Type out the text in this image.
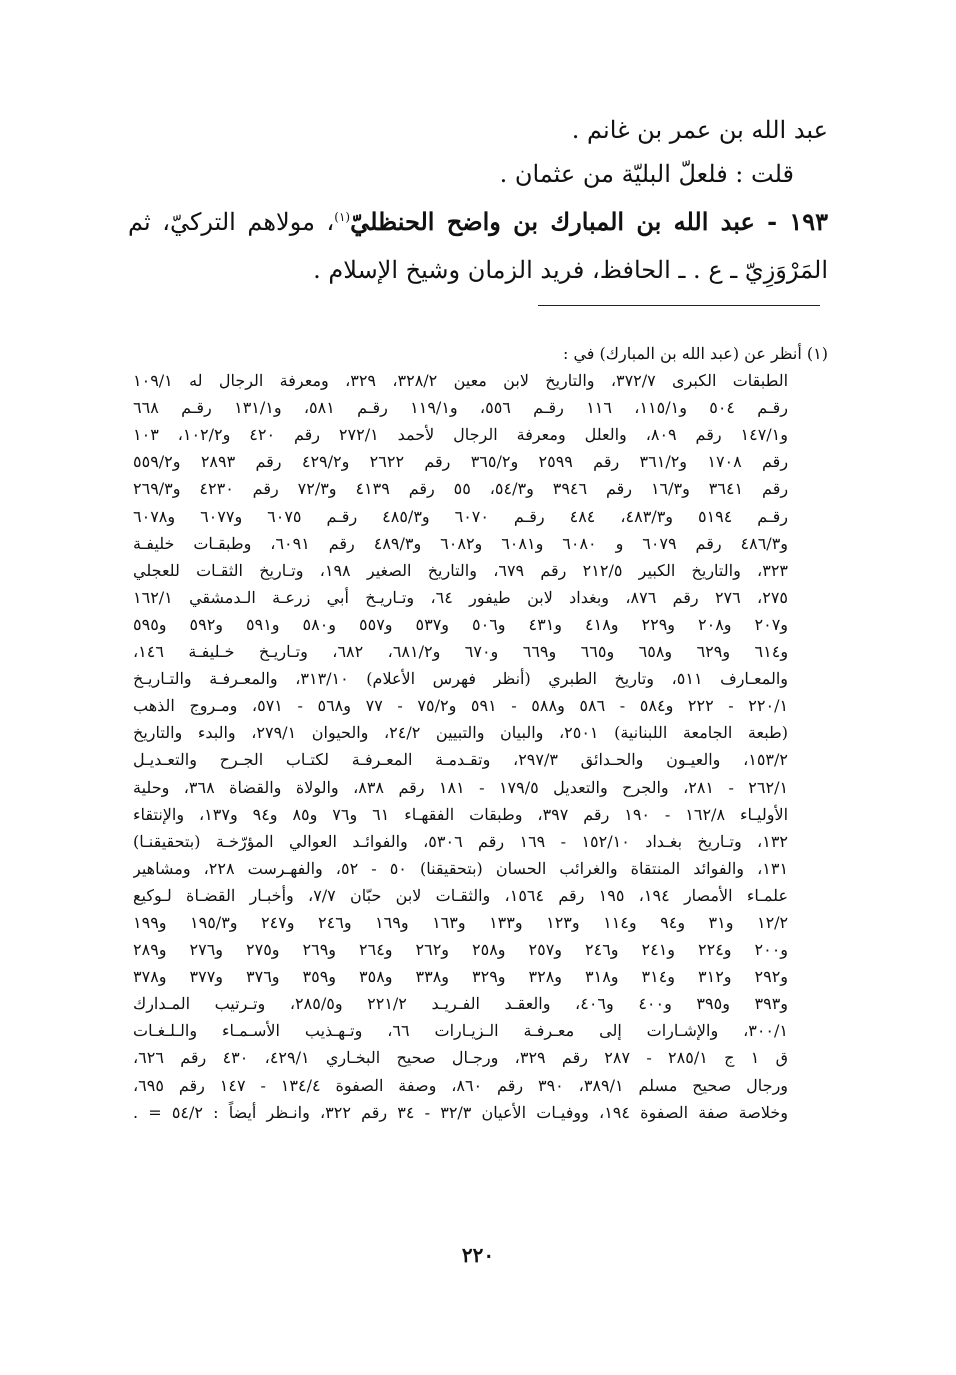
عبد الله بن عمر بن غانم .

قلت : فلعلّ البليّة من عثمان .

١٩٣ - عبد الله بن المبارك بن واضح الحنظليّ$^{(١)}$، مولاهم التركيّ، ثم
المَرْوَزِيّ ـ ع . ـ الحافظ، فريد الزمان وشيخ الإسلام .
(١) أنظر عن (عبد الله بن المبارك) في :
الطبقات الكبرى ٣٧٢/٧، والتاريخ لابن معين ٣٢٨/٢، ٣٢٩، ومعرفة الرجال له ١٠٩/١
رقـم ٥٠٤ و١١٥/١، ١١٦ رقـم ٥٥٦، و١١٩/١ رقـم ٥٨١، و١٣١/١ رقـم ٦٦٨
و١٤٧/١ رقم ٨٠٩، والعلل ومعرفة الرجال لأحمد ٢٧٢/١ رقم ٤٢٠ و١٠٢/٢، ١٠٣
رقم ١٧٠٨ و٣٦١/٢ رقم ٢٥٩٩ و٣٦٥/٢ رقم ٢٦٢٢ و٤٢٩/٢ رقم ٢٨٩٣ و٥٥٩/٢
رقم ٣٦٤١ و١٦/٣ رقم ٣٩٤٦ و٥٤/٣، ٥٥ رقم ٤١٣٩ و٧٢/٣ رقم ٤٢٣٠ و٢٦٩/٣
رقـم ٥١٩٤ و٤٨٣/٣، ٤٨٤ رقـم ٦٠٧٠ و٤٨٥/٣ رقـم ٦٠٧٥ و٦٠٧٧ و٦٠٧٨
و٤٨٦/٣ رقم ٦٠٧٩ و ٦٠٨٠ و٦٠٨١ و٦٠٨٢ و٤٨٩/٣ رقم ٦٠٩١، وطبقـات خليفـة
٣٢٣، والتاريخ الكبير ٢١٢/٥ رقم ٦٧٩، والتاريخ الصغير ١٩٨، وتـاريخ الثقـات للعجلي
٢٧٥، ٢٧٦ رقم ٨٧٦، وبغداد لابن طيفور ٦٤، وتـاريـخ أبي زرعـة الـدمشقي ١٦٢/١
و٢٠٧ و٢٠٨ و٢٢٩ و٤١٨ و٤٣١ و٥٠٦ و٥٣٧ و٥٥٧ و٥٨٠ و٥٩١ و٥٩٢ و٥٩٥
و٦١٤ و٦٢٩ و٦٥٨ و٦٦٥ و٦٦٩ و٦٧٠ و٦٨١/٢، ٦٨٢، وتـاريـخ خـليفـة ١٤٦،
والمعـارف ٥١١، وتاريخ الطبري (أنظر فهرس الأعلام) ٣١٣/١٠، والمعـرفـة والتـاريـخ
٢٢٠/١ - ٢٢٢ و٥٨٤ - ٥٨٦ و٥٨٨ - ٥٩١ و٧٥/٢ - ٧٧ و٥٦٨ - ٥٧١، ومـروج الذهب
(طبعة الجامعة اللبنانية) ٢٥٠١، والبيان والتبيين ٢٤/٢، والحيوان ٢٧٩/١، والبدء والتاريخ
١٥٣/٢، والعيـون والحـدائق ٢٩٧/٣، وتقـدمـة المعـرفـة لكتـاب الجـرح والتعـديـل
٢٦٢/١ - ٢٨١، والجرح والتعديل ١٧٩/٥ - ١٨١ رقم ٨٣٨، والولاة والقضاة ٣٦٨، وحلية
الأوليـاء ١٦٢/٨ - ١٩٠ رقم ٣٩٧، وطبقات الفقهـاء ٦١ و٧٦ و٨٥ و٩٤ و١٣٧، والإنتقاء
١٣٢، وتـاريخ بغـداد ١٥٢/١٠ - ١٦٩ رقم ٥٣٠٦، والفوائـد العوالي المؤرّخـة (بتحقيقنـا)
١٣١، والفوائد المنتقاة والغرائب الحسان (بتحقيقنا) ٥٠ - ٥٢، والفهـرست ٢٢٨، ومشاهير
علمـاء الأمصار ١٩٤، ١٩٥ رقم ١٥٦٤، والثقـات لابن حبّان ٧/٧، وأخبـار القضـاة لـوكيع
١٢/٢ و٣١ و٩٤ و١١٤ و١٢٣ و١٣٣ و١٦٣ و١٦٩ و٢٤٦ و٢٤٧ و١٩٥/٣ و١٩٩
و٢٠٠ و٢٢٤ و٢٤١ و٢٤٦ و٢٥٧ و٢٥٨ و٢٦٢ و٢٦٤ و٢٦٩ و٢٧٥ و٢٧٦ و٢٨٩
و٢٩٢ و٣١٢ و٣١٤ و٣١٨ و٣٢٨ و٣٢٩ و٣٣٨ و٣٥٨ و٣٥٩ و٣٧٦ و٣٧٧ و٣٧٨
و٣٩٣ و٣٩٥ و٤٠٠ و٤٠٦، والعقـد الفـريـد ٢٢١/٢ و٢٨٥/٥، وتـرتيب المـدارك
٣٠٠/١، والإشـارات إلى معـرفـة الـزيـارات ٦٦، وتـهـذيب الأسـمـاء والـلـغـات
ق ١ ج ٢٨٥/١ - ٢٨٧ رقم ٣٢٩، ورجـال صحيح البخـاري ٤٢٩/١، ٤٣٠ رقم ٦٢٦،
ورجال صحيح مسلم ٣٨٩/١، ٣٩٠ رقم ٨٦٠، وصفة الصفوة ١٣٤/٤ - ١٤٧ رقم ٦٩٥،
وخلاصة صفة الصفوة ١٩٤، ووفيـات الأعيان ٣٢/٣ - ٣٤ رقم ٣٢٢، وانـظر أيضاً : ٥٤/٢ = .
٢٢٠
